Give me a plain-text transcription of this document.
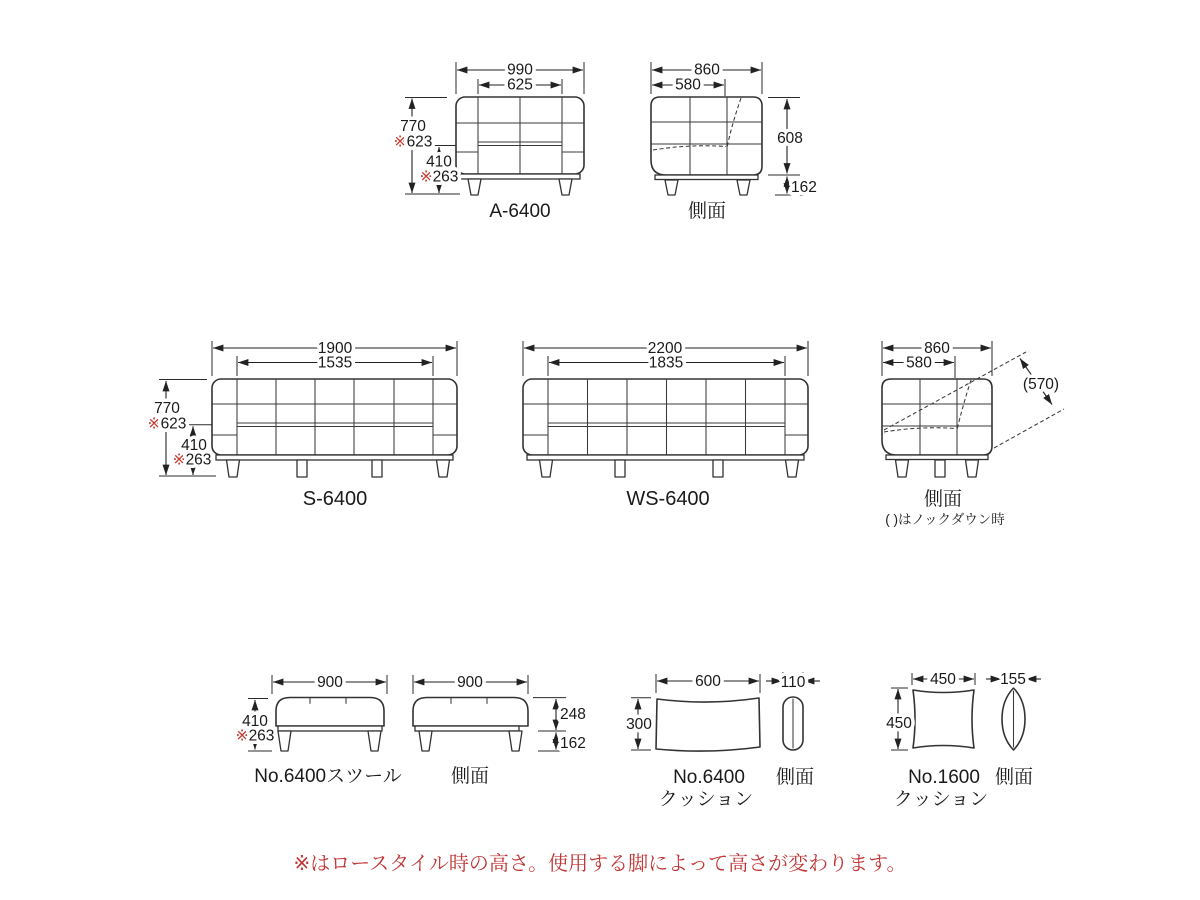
990
625
770
※623
410
※263
A-6400
860
580
608
162
側面
1900
1535
770
※623
410
※263
S-6400
2200
1835
WS-6400
860
580
(570)
側面
( )はノックダウン時
900
410
※263
No.6400スツール
900
248
162
側面
600
300
No.6400
クッション
110
側面
450
450
No.1600
クッション
155
側面
※はロースタイル時の高さ。使用する脚によって高さが変わります。
